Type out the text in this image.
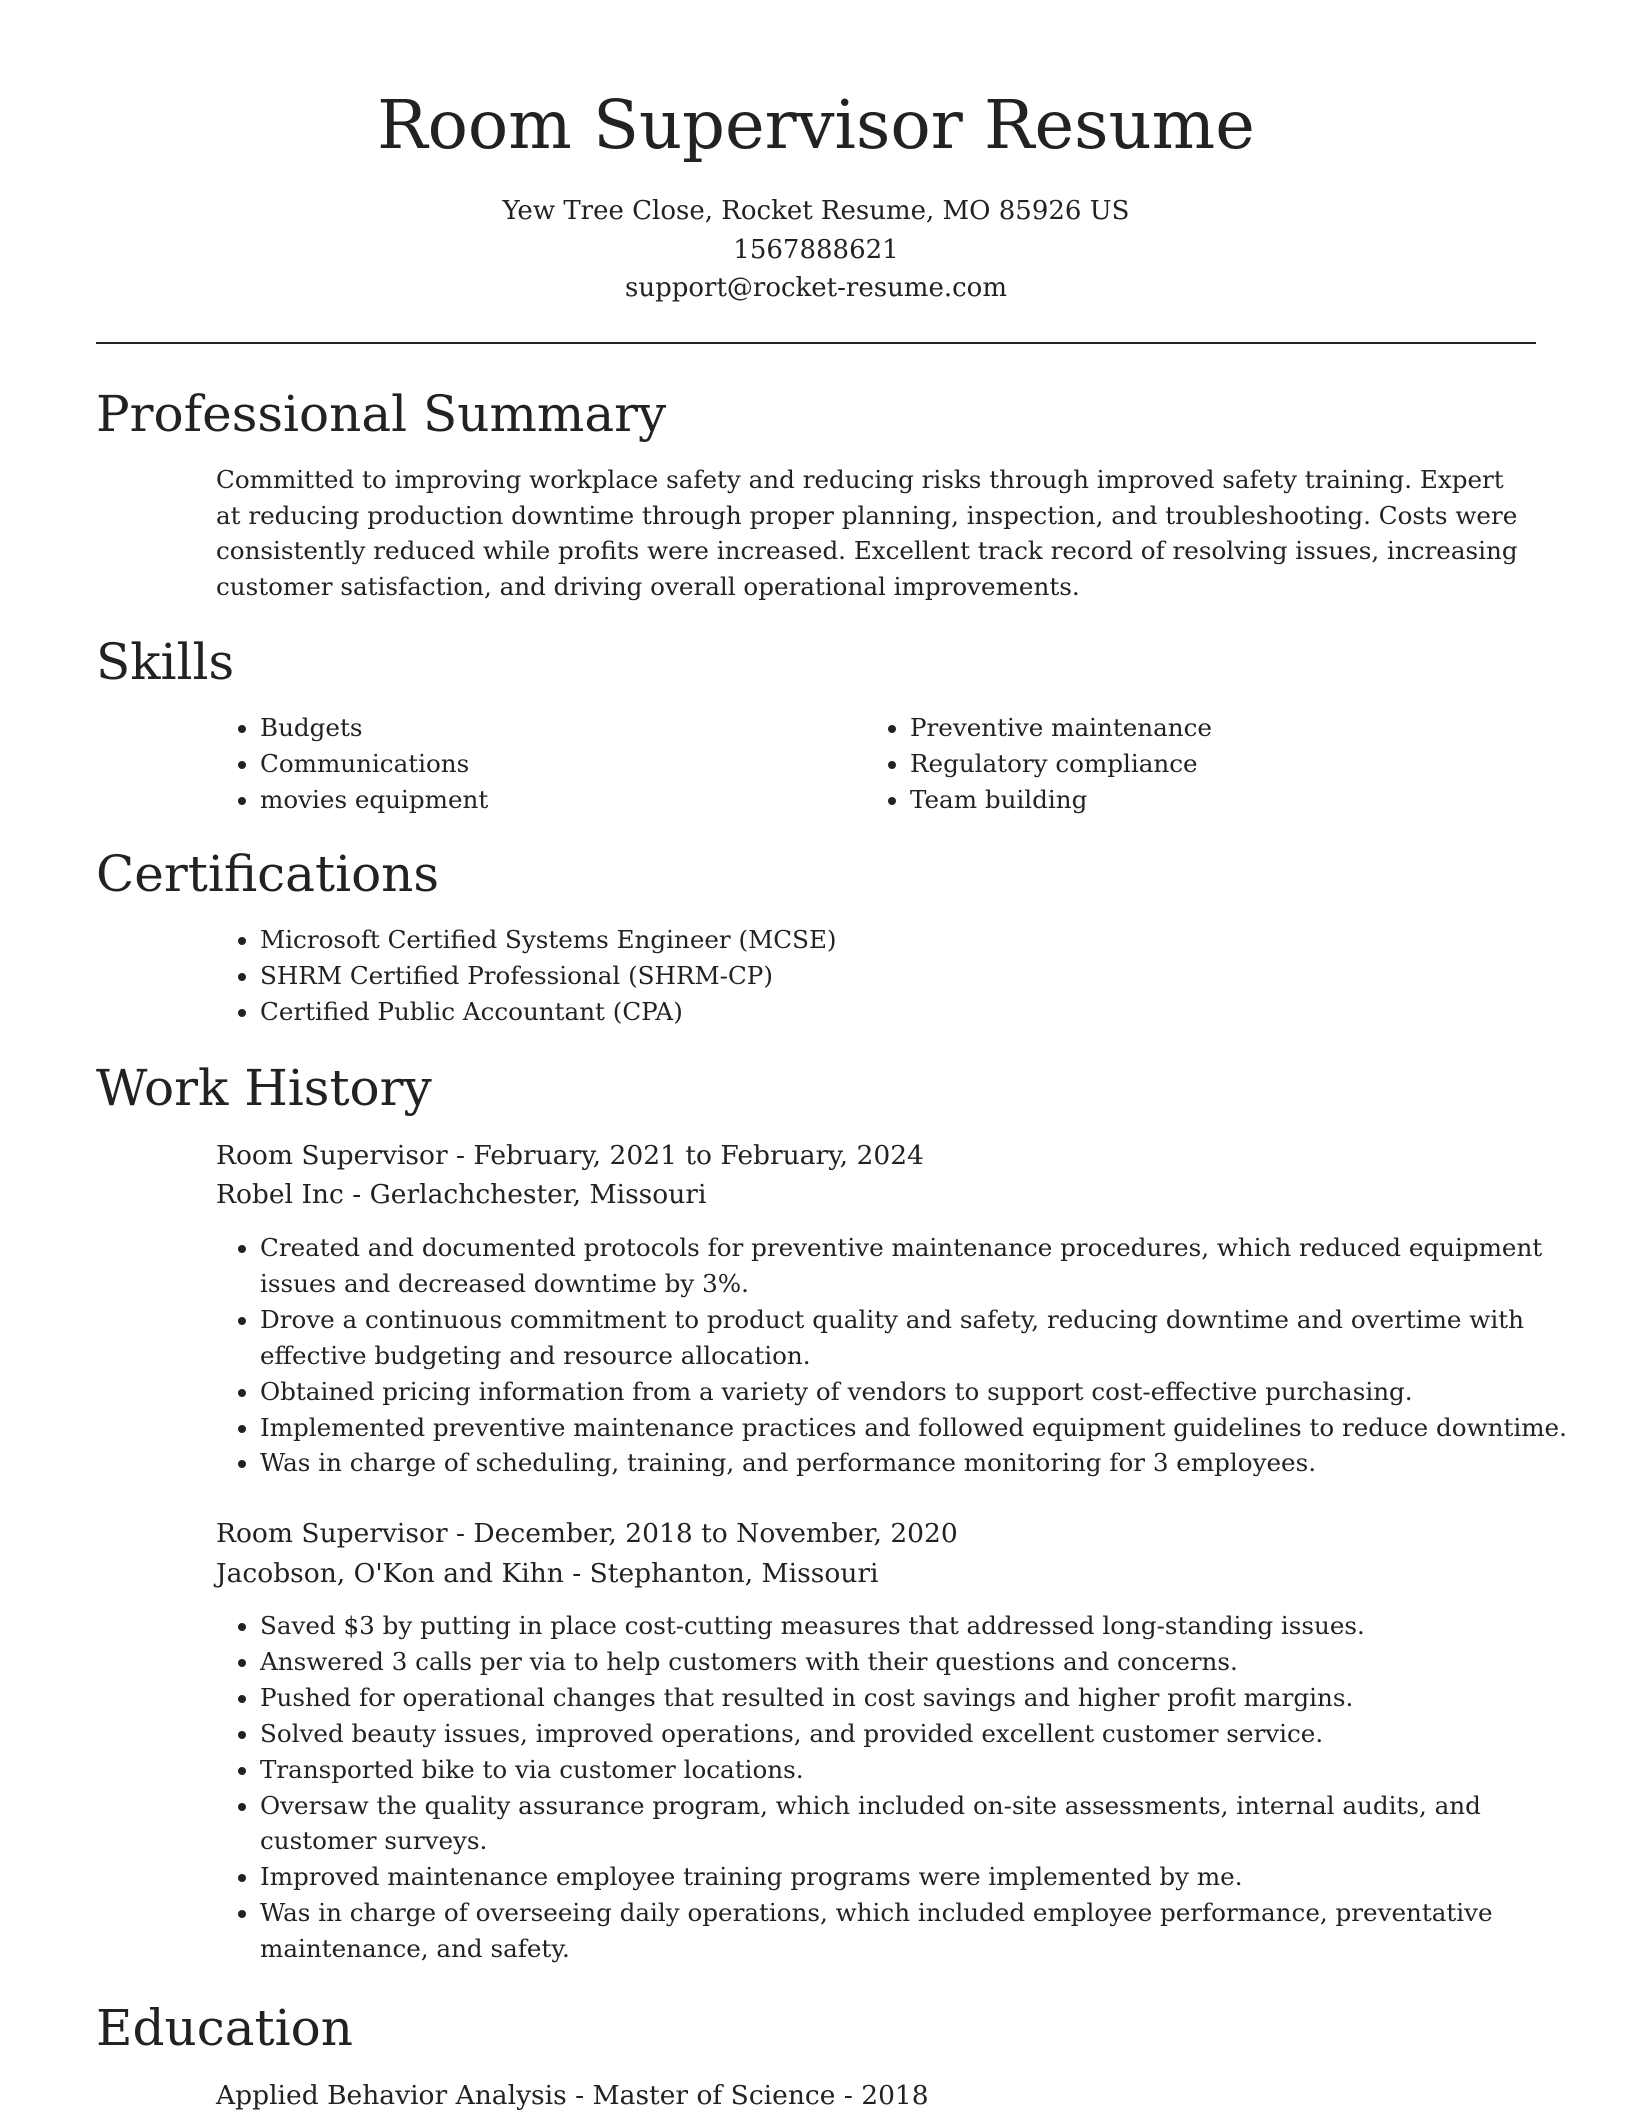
Room Supervisor Resume
Yew Tree Close, Rocket Resume, MO 85926 US
1567888621
support@rocket-resume.com
Professional Summary

Committed to improving workplace safety and reducing risks through improved safety training. Expert at reducing production downtime through proper planning, inspection, and troubleshooting. Costs were consistently reduced while profits were increased. Excellent track record of resolving issues, increasing customer satisfaction, and driving overall operational improvements.

Skills
• Budgets
• Communications
• movies equipment
• Preventive maintenance
• Regulatory compliance
• Team building
Certifications
• Microsoft Certified Systems Engineer (MCSE)
• SHRM Certified Professional (SHRM-CP)
• Certified Public Accountant (CPA)
Work History
Room Supervisor - February, 2021 to February, 2024
Robel Inc - Gerlachchester, Missouri
• Created and documented protocols for preventive maintenance procedures, which reduced equipment issues and decreased downtime by 3%.
• Drove a continuous commitment to product quality and safety, reducing downtime and overtime with effective budgeting and resource allocation.
• Obtained pricing information from a variety of vendors to support cost-effective purchasing.
• Implemented preventive maintenance practices and followed equipment guidelines to reduce downtime.
• Was in charge of scheduling, training, and performance monitoring for 3 employees.
Room Supervisor - December, 2018 to November, 2020
Jacobson, O'Kon and Kihn - Stephanton, Missouri
• Saved $3 by putting in place cost-cutting measures that addressed long-standing issues.
• Answered 3 calls per via to help customers with their questions and concerns.
• Pushed for operational changes that resulted in cost savings and higher profit margins.
• Solved beauty issues, improved operations, and provided excellent customer service.
• Transported bike to via customer locations.
• Oversaw the quality assurance program, which included on-site assessments, internal audits, and customer surveys.
• Improved maintenance employee training programs were implemented by me.
• Was in charge of overseeing daily operations, which included employee performance, preventative maintenance, and safety.
Education
Applied Behavior Analysis - Master of Science - 2018
